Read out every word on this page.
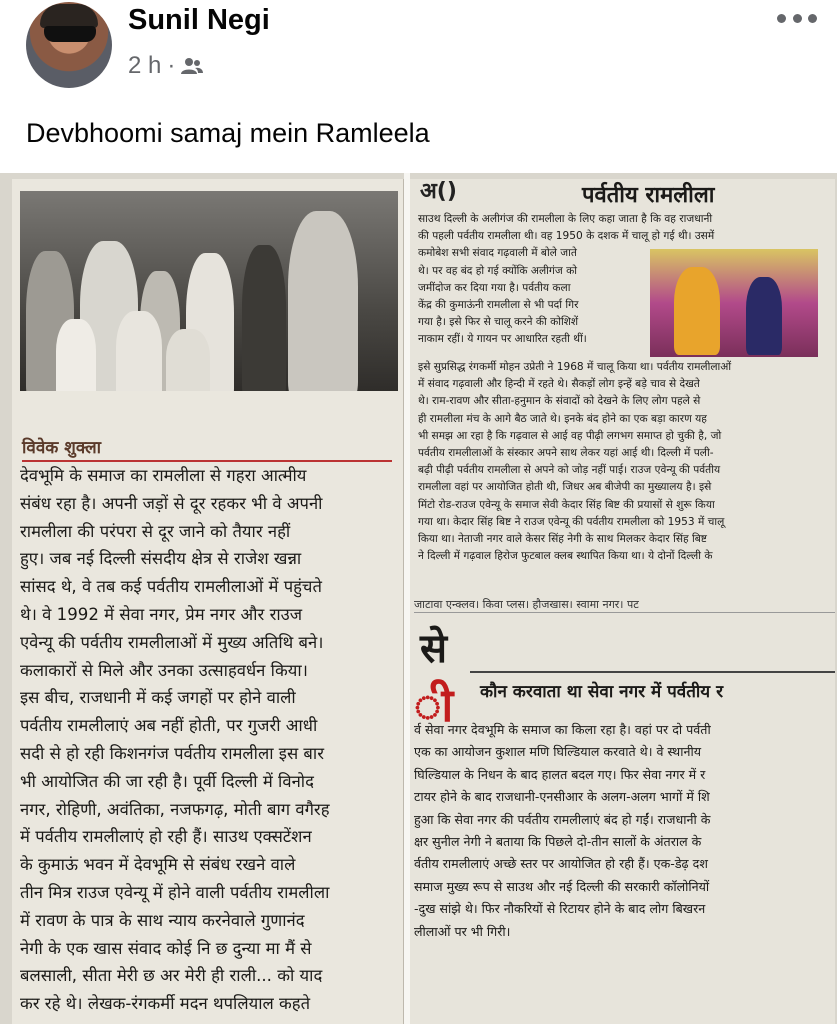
Sunil Negi
2 h ·
Devbhoomi samaj mein Ramleela
विवेक शुक्ला
देवभूमि के समाज का रामलीला से गहरा आत्मीय
संबंध रहा है। अपनी जड़ों से दूर रहकर भी वे अपनी
रामलीला की परंपरा से दूर जाने को तैयार नहीं
हुए। जब नई दिल्ली संसदीय क्षेत्र से राजेश खन्ना
सांसद थे, वे तब कई पर्वतीय रामलीलाओं में पहुंचते
थे। वे 1992 में सेवा नगर, प्रेम नगर और राउज
एवेन्यू की पर्वतीय रामलीलाओं में मुख्य अतिथि बने।
कलाकारों से मिले और उनका उत्साहवर्धन किया।
इस बीच, राजधानी में कई जगहों पर होने वाली
पर्वतीय रामलीलाएं अब नहीं होती, पर गुजरी आधी
सदी से हो रही किशनगंज पर्वतीय रामलीला इस बार
भी आयोजित की जा रही है। पूर्वी दिल्ली में विनोद
नगर, रोहिणी, अवंतिका, नजफगढ़, मोती बाग वगैरह
में पर्वतीय रामलीलाएं हो रही हैं। साउथ एक्सटेंशन
के कुमाऊं भवन में देवभूमि से संबंध रखने वाले
तीन मित्र राउज एवेन्यू में होने वाली पर्वतीय रामलीला
में रावण के पात्र के साथ न्याय करनेवाले गुणानंद
नेगी के एक खास संवाद कोई नि छ दुन्या मा मैं से
बलसाली, सीता मेरी छ अर मेरी ही राली... को याद
कर रहे थे। लेखक-रंगकर्मी मदन थपलियाल कहते
अ()	पर्वतीय रामलीला
साउथ दिल्ली के अलीगंज की रामलीला के लिए कहा जाता है कि वह राजधानी
की पहली पर्वतीय रामलीला थी। वह 1950 के दशक में चालू हो गई थी। उसमें
कमोबेश सभी संवाद गढ़वाली में बोले जाते
थे। पर वह बंद हो गई क्योंकि अलीगंज को
जमींदोज कर दिया गया है। पर्वतीय कला
केंद्र की कुमाऊंनी रामलीला से भी पर्दा गिर
गया है। इसे फिर से चालू करने की कोशिशें
नाकाम रहीं। ये गायन पर आधारित रहती थीं।
इसे सुप्रसिद्ध रंगकर्मी मोहन उप्रेती ने 1968 में चालू किया था। पर्वतीय रामलीलाओं
में संवाद गढ़वाली और हिन्दी में रहते थे। सैकड़ों लोग इन्हें बड़े चाव से देखते
थे। राम-रावण और सीता-हनुमान के संवादों को देखने के लिए लोग पहले से
ही रामलीला मंच के आगे बैठ जाते थे। इनके बंद होने का एक बड़ा कारण यह
भी समझ आ रहा है कि गढ़वाल से आई वह पीढ़ी लगभग समाप्त हो चुकी है, जो
पर्वतीय रामलीलाओं के संस्कार अपने साथ लेकर यहां आई थी। दिल्ली में पली-
बढ़ी पीढ़ी पर्वतीय रामलीला से अपने को जोड़ नहीं पाई। राउज एवेन्यू की पर्वतीय
रामलीला वहां पर आयोजित होती थी, जिधर अब बीजेपी का मुख्यालय है। इसे
मिंटो रोड-राउज एवेन्यू के समाज सेवी केदार सिंह बिष्ट की प्रयासों से शुरू किया
गया था। केदार सिंह बिष्ट ने राउज एवेन्यू की पर्वतीय रामलीला को 1953 में चालू
किया था। नेताजी नगर वाले केसर सिंह नेगी के साथ मिलकर केदार सिंह बिष्ट
ने दिल्ली में गढ़वाल हिरोज फुटबाल क्लब स्थापित किया था। ये दोनों दिल्ली के
जाटावा एन्क्लव। किवा प्लस। हौजखास। स्वामा नगर। पट
से
ी कौन करवाता था सेवा नगर में पर्वतीय र
र्व सेवा नगर देवभूमि के समाज का किला रहा है। वहां पर दो पर्वती
एक का आयोजन कुशाल मणि घिल्डियाल करवाते थे। वे स्थानीय
घिल्डियाल के निधन के बाद हालत बदल गए। फिर सेवा नगर में र
टायर होने के बाद राजधानी-एनसीआर के अलग-अलग भागों में शि
हुआ कि सेवा नगर की पर्वतीय रामलीलाएं बंद हो गईं। राजधानी के
क्षर सुनील नेगी ने बताया कि पिछले दो-तीन सालों के अंतराल के
र्वतीय रामलीलाएं अच्छे स्तर पर आयोजित हो रही हैं। एक-डेढ़ दश
समाज मुख्य रूप से साउथ और नई दिल्ली की सरकारी कॉलोनियों
-दुख सांझे थे। फिर नौकरियों से रिटायर होने के बाद लोग बिखरन
लीलाओं पर भी गिरी।
